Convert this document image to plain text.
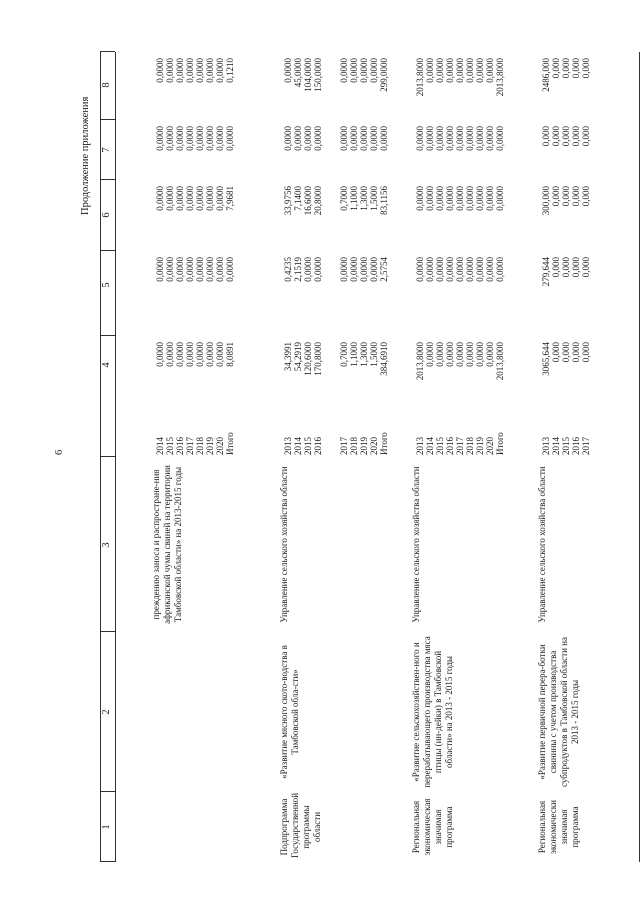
6
Продолжение приложения
1
2
3
4
5
6
7
8
преждению заноса и распростране-ния африканской чумы свиней на территории Тамбовской области» на 2013-2015 годы
2014
0,0000
0,0000
0,0000
0,0000
0,0000
2015
0,0000
0,0000
0,0000
0,0000
0,0000
2016
0,0000
0,0000
0,0000
0,0000
0,0000
2017
0,0000
0,0000
0,0000
0,0000
0,0000
2018
0,0000
0,0000
0,0000
0,0000
0,0000
2019
0,0000
0,0000
0,0000
0,0000
0,0000
2020
0,0000
0,0000
0,0000
0,0000
0,0000
Итого
8,0891
0,0000
7,9681
0,0000
0,1210
Подпрограмма Государственной программы области
«Развитие мясного ското-водства в Тамбовской обла-сти»
Управление сельского хозяйства области
2013
34,3991
0,4235
33,9756
0,0000
0,0000
2014
54,2919
2,1519
7,1400
0,0000
45,0000
2015
120,6000
0,0000
16,6000
0,0000
104,0000
2016
170,8000
0,0000
20,8000
0,0000
150,0000
2017
0,7000
0,0000
0,7000
0,0000
0,0000
2018
1,1000
0,0000
1,1000
0,0000
0,0000
2019
1,3000
0,0000
1,3000
0,0000
0,0000
2020
1,5000
0,0000
1,5000
0,0000
0,0000
Итого
384,6910
2,5754
83,1156
0,0000
299,0000
Региональная экономическая значимая программа
«Развитие сельскохозяйствен-ного и перерабатывающего производства мяса птицы (ин-дейки) в Тамбовской области» на 2013 - 2015 годы
Управление сельского хозяйства области
2013
2013,8000
0,0000
0,0000
0,0000
2013,8000
2014
0,0000
0,0000
0,0000
0,0000
0,0000
2015
0,0000
0,0000
0,0000
0,0000
0,0000
2016
0,0000
0,0000
0,0000
0,0000
0,0000
2017
0,0000
0,0000
0,0000
0,0000
0,0000
2018
0,0000
0,0000
0,0000
0,0000
0,0000
2019
0,0000
0,0000
0,0000
0,0000
0,0000
2020
0,0000
0,0000
0,0000
0,0000
0,0000
Итого
2013,8000
0,0000
0,0000
0,0000
2013,8000
Региональная экономически значимая программа
«Развитие первичной перера-ботки свинины с учетом производства субпродуктов в Тамбовской области на 2013 - 2015 годы
Управление сельского хозяйства области
2013
3065,644
279,644
300,000
0,000
2486,000
2014
0,000
0,000
0,000
0,000
0,000
2015
0,000
0,000
0,000
0,000
0,000
2016
0,000
0,000
0,000
0,000
0,000
2017
0,000
0,000
0,000
0,000
0,000
